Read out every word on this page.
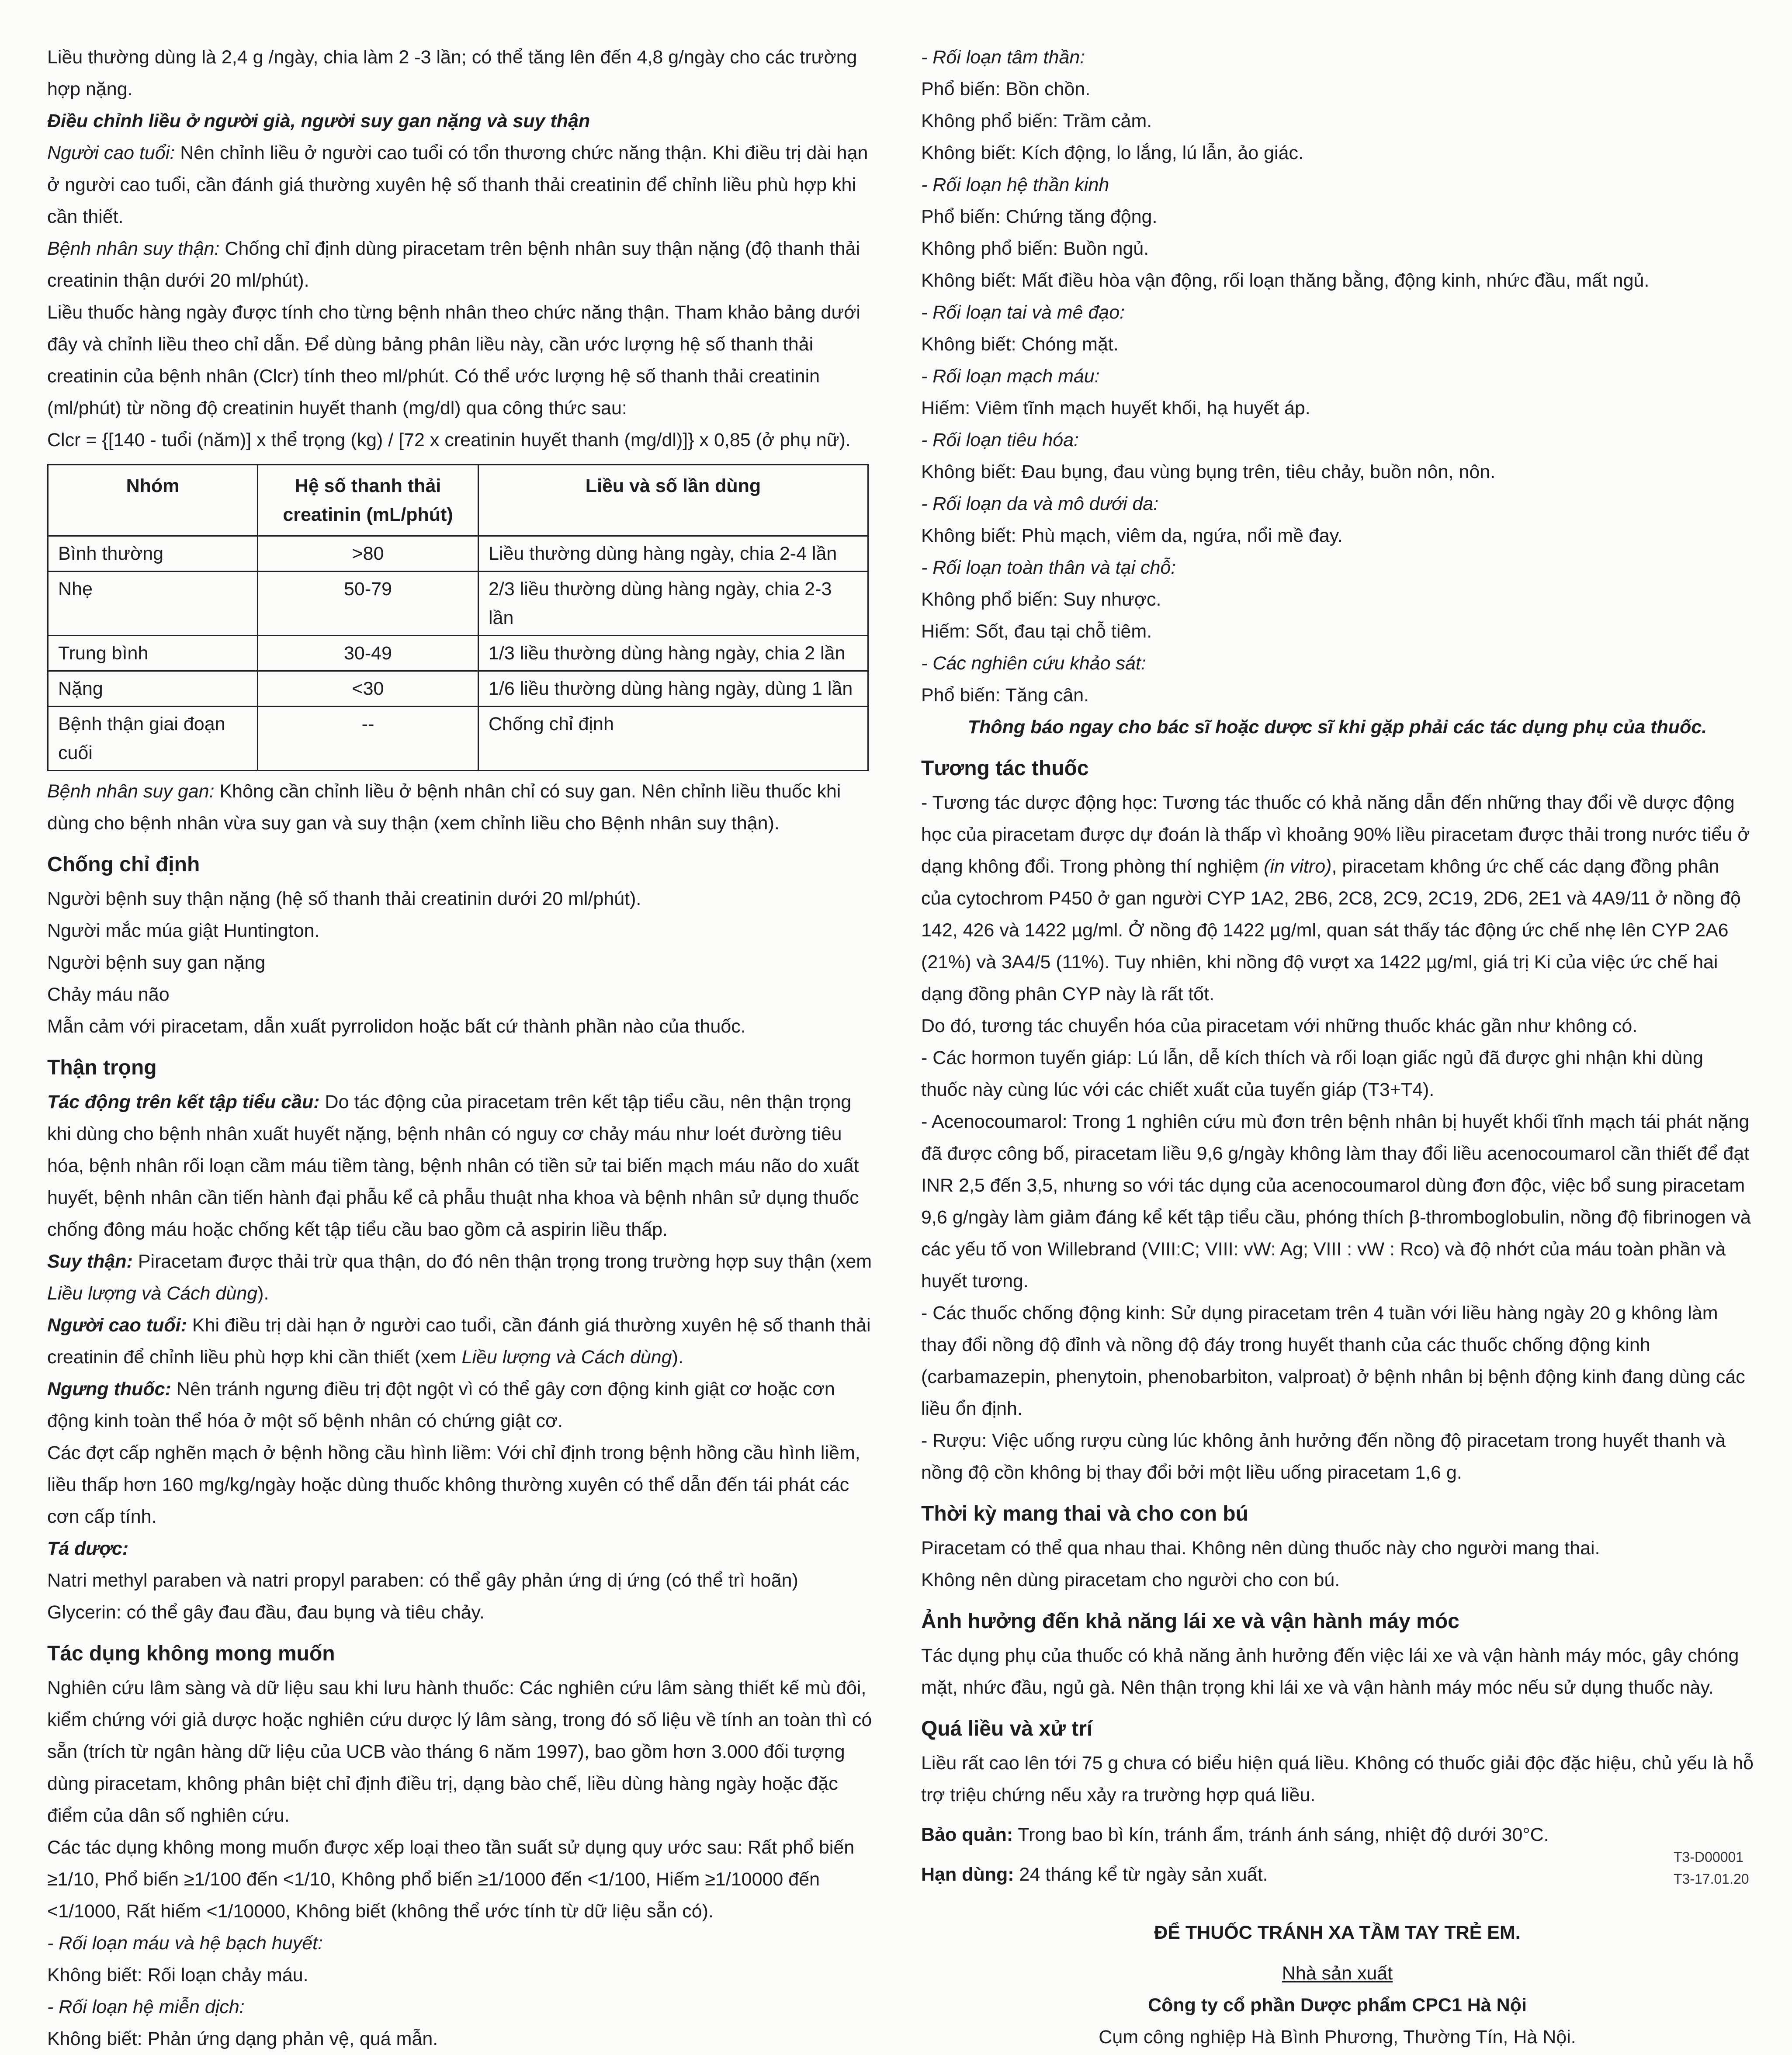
Liều thường dùng là 2,4 g /ngày, chia làm 2 -3 lần; có thể tăng lên đến 4,8 g/ngày cho các trường hợp nặng.

Điều chỉnh liều ở người già, người suy gan nặng và suy thận

Người cao tuổi: Nên chỉnh liều ở người cao tuổi có tổn thương chức năng thận. Khi điều trị dài hạn ở người cao tuổi, cần đánh giá thường xuyên hệ số thanh thải creatinin để chỉnh liều phù hợp khi cần thiết.

Bệnh nhân suy thận: Chống chỉ định dùng piracetam trên bệnh nhân suy thận nặng (độ thanh thải creatinin thận dưới 20 ml/phút).

Liều thuốc hàng ngày được tính cho từng bệnh nhân theo chức năng thận. Tham khảo bảng dưới đây và chỉnh liều theo chỉ dẫn. Để dùng bảng phân liều này, cần ước lượng hệ số thanh thải creatinin của bệnh nhân (Clcr) tính theo ml/phút. Có thể ước lượng hệ số thanh thải creatinin (ml/phút) từ nồng độ creatinin huyết thanh (mg/dl) qua công thức sau:

Clcr = {[140 - tuổi (năm)] x thể trọng (kg) / [72 x creatinin huyết thanh (mg/dl)]} x 0,85 (ở phụ nữ).

Nhóm	Hệ số thanh thải creatinin (mL/phút)	Liều và số lần dùng
Bình thường	>80	Liều thường dùng hàng ngày, chia 2-4 lần
Nhẹ	50-79	2/3 liều thường dùng hàng ngày, chia 2-3 lần
Trung bình	30-49	1/3 liều thường dùng hàng ngày, chia 2 lần
Nặng	<30	1/6 liều thường dùng hàng ngày, dùng 1 lần
Bệnh thận giai đoạn cuối	--	Chống chỉ định

Bệnh nhân suy gan: Không cần chỉnh liều ở bệnh nhân chỉ có suy gan. Nên chỉnh liều thuốc khi dùng cho bệnh nhân vừa suy gan và suy thận (xem chỉnh liều cho Bệnh nhân suy thận).

Chống chỉ định

Người bệnh suy thận nặng (hệ số thanh thải creatinin dưới 20 ml/phút).

Người mắc múa giật Huntington.

Người bệnh suy gan nặng

Chảy máu não

Mẫn cảm với piracetam, dẫn xuất pyrrolidon hoặc bất cứ thành phần nào của thuốc.

Thận trọng

Tác động trên kết tập tiểu cầu: Do tác động của piracetam trên kết tập tiểu cầu, nên thận trọng khi dùng cho bệnh nhân xuất huyết nặng, bệnh nhân có nguy cơ chảy máu như loét đường tiêu hóa, bệnh nhân rối loạn cầm máu tiềm tàng, bệnh nhân có tiền sử tai biến mạch máu não do xuất huyết, bệnh nhân cần tiến hành đại phẫu kể cả phẫu thuật nha khoa và bệnh nhân sử dụng thuốc chống đông máu hoặc chống kết tập tiểu cầu bao gồm cả aspirin liều thấp.

Suy thận: Piracetam được thải trừ qua thận, do đó nên thận trọng trong trường hợp suy thận (xem Liều lượng và Cách dùng).

Người cao tuổi: Khi điều trị dài hạn ở người cao tuổi, cần đánh giá thường xuyên hệ số thanh thải creatinin để chỉnh liều phù hợp khi cần thiết (xem Liều lượng và Cách dùng).

Ngưng thuốc: Nên tránh ngưng điều trị đột ngột vì có thể gây cơn động kinh giật cơ hoặc cơn động kinh toàn thể hóa ở một số bệnh nhân có chứng giật cơ.

Các đợt cấp nghẽn mạch ở bệnh hồng cầu hình liềm: Với chỉ định trong bệnh hồng cầu hình liềm, liều thấp hơn 160 mg/kg/ngày hoặc dùng thuốc không thường xuyên có thể dẫn đến tái phát các cơn cấp tính.

Tá dược:

Natri methyl paraben và natri propyl paraben: có thể gây phản ứng dị ứng (có thể trì hoãn)

Glycerin: có thể gây đau đầu, đau bụng và tiêu chảy.

Tác dụng không mong muốn

Nghiên cứu lâm sàng và dữ liệu sau khi lưu hành thuốc: Các nghiên cứu lâm sàng thiết kế mù đôi, kiểm chứng với giả dược hoặc nghiên cứu dược lý lâm sàng, trong đó số liệu về tính an toàn thì có sẵn (trích từ ngân hàng dữ liệu của UCB vào tháng 6 năm 1997), bao gồm hơn 3.000 đối tượng dùng piracetam, không phân biệt chỉ định điều trị, dạng bào chế, liều dùng hàng ngày hoặc đặc điểm của dân số nghiên cứu.

Các tác dụng không mong muốn được xếp loại theo tần suất sử dụng quy ước sau: Rất phổ biến ≥1/10, Phổ biến ≥1/100 đến <1/10, Không phổ biến ≥1/1000 đến <1/100, Hiếm ≥1/10000 đến <1/1000, Rất hiếm <1/10000, Không biết (không thể ước tính từ dữ liệu sẵn có).

- Rối loạn máu và hệ bạch huyết:

Không biết: Rối loạn chảy máu.

- Rối loạn hệ miễn dịch:

Không biết: Phản ứng dạng phản vệ, quá mẫn.

- Rối loạn tâm thần:

Phổ biến: Bồn chồn.

Không phổ biến: Trầm cảm.

Không biết: Kích động, lo lắng, lú lẫn, ảo giác.

- Rối loạn hệ thần kinh

Phổ biến: Chứng tăng động.

Không phổ biến: Buồn ngủ.

Không biết: Mất điều hòa vận động, rối loạn thăng bằng, động kinh, nhức đầu, mất ngủ.

- Rối loạn tai và mê đạo:

Không biết: Chóng mặt.

- Rối loạn mạch máu:

Hiếm: Viêm tĩnh mạch huyết khối, hạ huyết áp.

- Rối loạn tiêu hóa:

Không biết: Đau bụng, đau vùng bụng trên, tiêu chảy, buồn nôn, nôn.

- Rối loạn da và mô dưới da:

Không biết: Phù mạch, viêm da, ngứa, nổi mề đay.

- Rối loạn toàn thân và tại chỗ:

Không phổ biến: Suy nhược.

Hiếm: Sốt, đau tại chỗ tiêm.

- Các nghiên cứu khảo sát:

Phổ biến: Tăng cân.

Thông báo ngay cho bác sĩ hoặc dược sĩ khi gặp phải các tác dụng phụ của thuốc.

Tương tác thuốc

- Tương tác dược động học: Tương tác thuốc có khả năng dẫn đến những thay đổi về dược động học của piracetam được dự đoán là thấp vì khoảng 90% liều piracetam được thải trong nước tiểu ở dạng không đổi. Trong phòng thí nghiệm (in vitro), piracetam không ức chế các dạng đồng phân của cytochrom P450 ở gan người CYP 1A2, 2B6, 2C8, 2C9, 2C19, 2D6, 2E1 và 4A9/11 ở nồng độ 142, 426 và 1422 µg/ml. Ở nồng độ 1422 µg/ml, quan sát thấy tác động ức chế nhẹ lên CYP 2A6 (21%) và 3A4/5 (11%). Tuy nhiên, khi nồng độ vượt xa 1422 µg/ml, giá trị Ki của việc ức chế hai dạng đồng phân CYP này là rất tốt.

Do đó, tương tác chuyển hóa của piracetam với những thuốc khác gần như không có.

- Các hormon tuyến giáp: Lú lẫn, dễ kích thích và rối loạn giấc ngủ đã được ghi nhận khi dùng thuốc này cùng lúc với các chiết xuất của tuyến giáp (T3+T4).

- Acenocoumarol: Trong 1 nghiên cứu mù đơn trên bệnh nhân bị huyết khối tĩnh mạch tái phát nặng đã được công bố, piracetam liều 9,6 g/ngày không làm thay đổi liều acenocoumarol cần thiết để đạt INR 2,5 đến 3,5, nhưng so với tác dụng của acenocoumarol dùng đơn độc, việc bổ sung piracetam 9,6 g/ngày làm giảm đáng kể kết tập tiểu cầu, phóng thích β-thromboglobulin, nồng độ fibrinogen và các yếu tố von Willebrand (VIII:C; VIII: vW: Ag; VIII : vW : Rco) và độ nhớt của máu toàn phần và huyết tương.

- Các thuốc chống động kinh: Sử dụng piracetam trên 4 tuần với liều hàng ngày 20 g không làm thay đổi nồng độ đỉnh và nồng độ đáy trong huyết thanh của các thuốc chống động kinh (carbamazepin, phenytoin, phenobarbiton, valproat) ở bệnh nhân bị bệnh động kinh đang dùng các liều ổn định.

- Rượu: Việc uống rượu cùng lúc không ảnh hưởng đến nồng độ piracetam trong huyết thanh và nồng độ cồn không bị thay đổi bởi một liều uống piracetam 1,6 g.

Thời kỳ mang thai và cho con bú

Piracetam có thể qua nhau thai. Không nên dùng thuốc này cho người mang thai.

Không nên dùng piracetam cho người cho con bú.

Ảnh hưởng đến khả năng lái xe và vận hành máy móc

Tác dụng phụ của thuốc có khả năng ảnh hưởng đến việc lái xe và vận hành máy móc, gây chóng mặt, nhức đầu, ngủ gà. Nên thận trọng khi lái xe và vận hành máy móc nếu sử dụng thuốc này.

Quá liều và xử trí

Liều rất cao lên tới 75 g chưa có biểu hiện quá liều. Không có thuốc giải độc đặc hiệu, chủ yếu là hỗ trợ triệu chứng nếu xảy ra trường hợp quá liều.

Bảo quản: Trong bao bì kín, tránh ẩm, tránh ánh sáng, nhiệt độ dưới 30°C.

Hạn dùng: 24 tháng kể từ ngày sản xuất.

ĐỂ THUỐC TRÁNH XA TẦM TAY TRẺ EM.

Nhà sản xuất

Công ty cổ phần Dược phẩm CPC1 Hà Nội

Cụm công nghiệp Hà Bình Phương, Thường Tín, Hà Nội.

T3-D00001
T3-17.01.20
